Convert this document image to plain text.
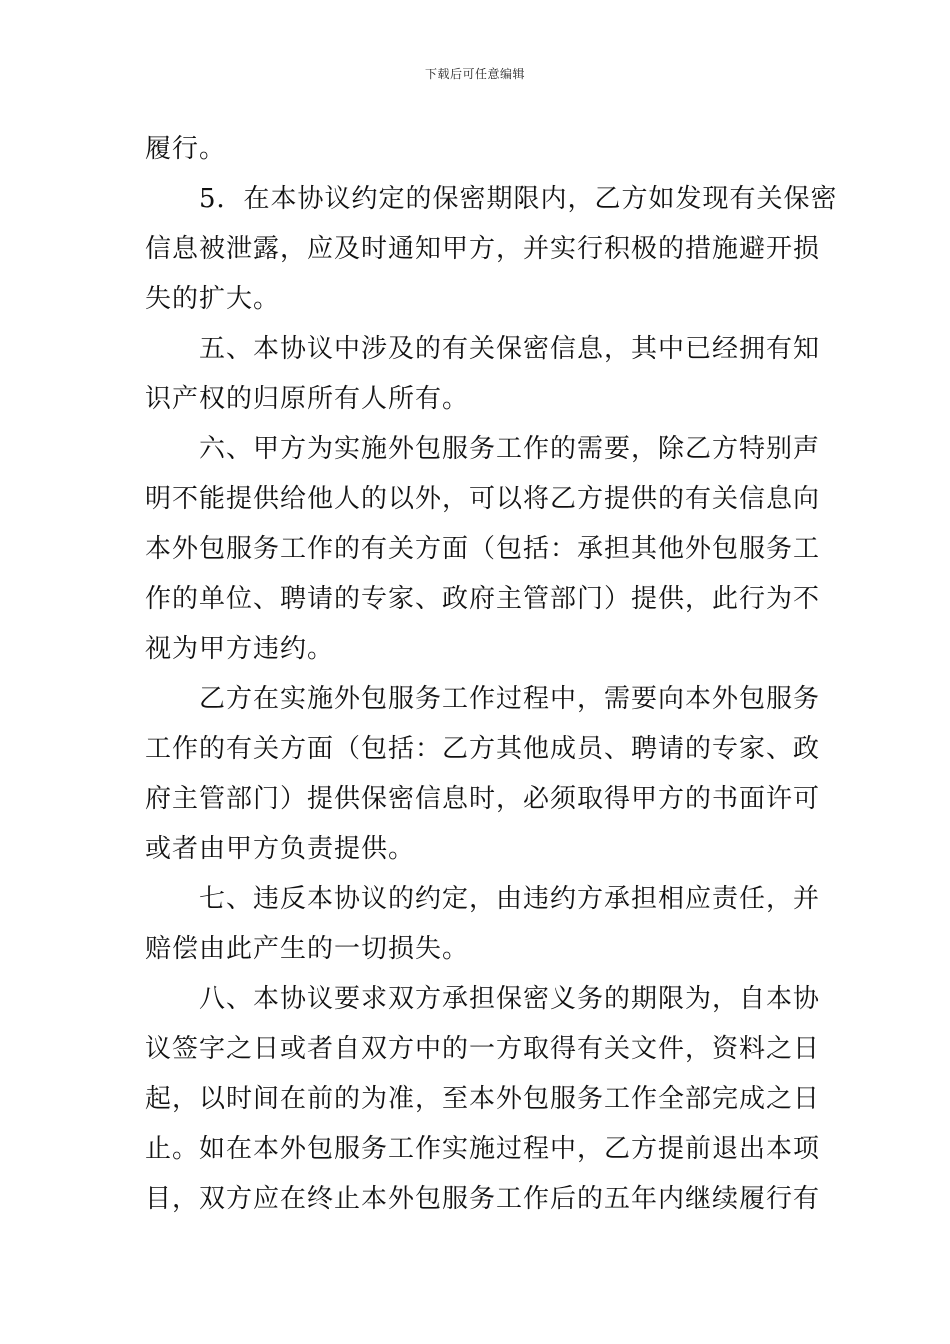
下载后可任意编辑
履行。
5．在本协议约定的保密期限内，乙方如发现有关保密
信息被泄露，应及时通知甲方，并实行积极的措施避开损
失的扩大。
五、本协议中涉及的有关保密信息，其中已经拥有知
识产权的归原所有人所有。
六、甲方为实施外包服务工作的需要，除乙方特别声
明不能提供给他人的以外，可以将乙方提供的有关信息向
本外包服务工作的有关方面（包括：承担其他外包服务工
作的单位、聘请的专家、政府主管部门）提供，此行为不
视为甲方违约。
乙方在实施外包服务工作过程中，需要向本外包服务
工作的有关方面（包括：乙方其他成员、聘请的专家、政
府主管部门）提供保密信息时，必须取得甲方的书面许可
或者由甲方负责提供。
七、违反本协议的约定，由违约方承担相应责任，并
赔偿由此产生的一切损失。
八、本协议要求双方承担保密义务的期限为，自本协
议签字之日或者自双方中的一方取得有关文件，资料之日
起，以时间在前的为准，至本外包服务工作全部完成之日
止。如在本外包服务工作实施过程中，乙方提前退出本项
目，双方应在终止本外包服务工作后的五年内继续履行有
